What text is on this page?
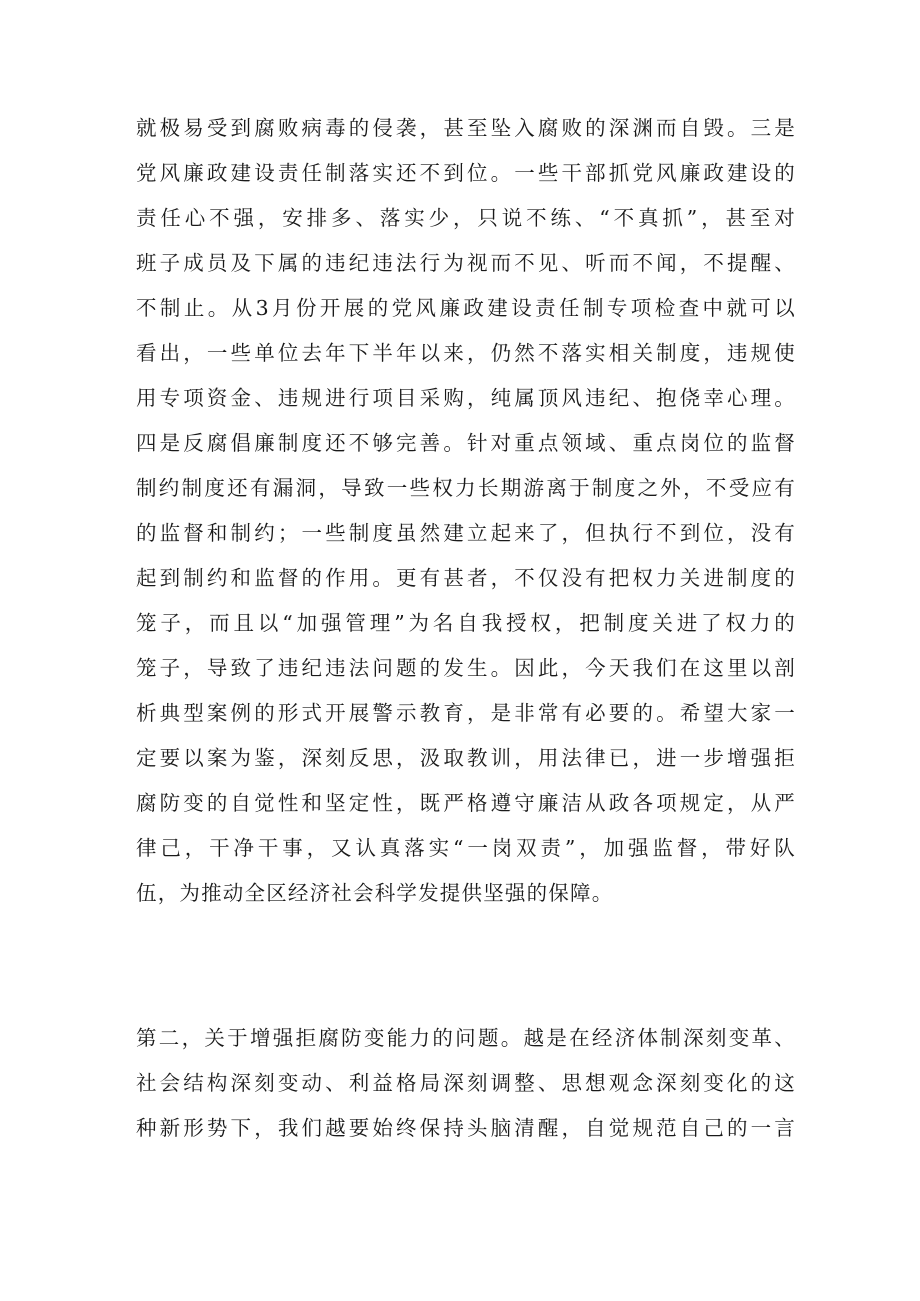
就极易受到腐败病毒的侵袭，甚至坠入腐败的深渊而自毁。三是
党风廉政建设责任制落实还不到位。一些干部抓党风廉政建设的
责任心不强，安排多、落实少，只说不练、“不真抓”，甚至对
班子成员及下属的违纪违法行为视而不见、听而不闻，不提醒、
不制止。从3月份开展的党风廉政建设责任制专项检查中就可以
看出，一些单位去年下半年以来，仍然不落实相关制度，违规使
用专项资金、违规进行项目采购，纯属顶风违纪、抱侥幸心理。
四是反腐倡廉制度还不够完善。针对重点领域、重点岗位的监督
制约制度还有漏洞，导致一些权力长期游离于制度之外，不受应有
的监督和制约；一些制度虽然建立起来了，但执行不到位，没有
起到制约和监督的作用。更有甚者，不仅没有把权力关进制度的
笼子，而且以“加强管理”为名自我授权，把制度关进了权力的
笼子，导致了违纪违法问题的发生。因此，今天我们在这里以剖
析典型案例的形式开展警示教育，是非常有必要的。希望大家一
定要以案为鉴，深刻反思，汲取教训，用法律已，进一步增强拒
腐防变的自觉性和坚定性，既严格遵守廉洁从政各项规定，从严
律己，干净干事，又认真落实“一岗双责”，加强监督，带好队
伍，为推动全区经济社会科学发提供坚强的保障。
第二，关于增强拒腐防变能力的问题。越是在经济体制深刻变革、
社会结构深刻变动、利益格局深刻调整、思想观念深刻变化的这
种新形势下，我们越要始终保持头脑清醒，自觉规范自己的一言
